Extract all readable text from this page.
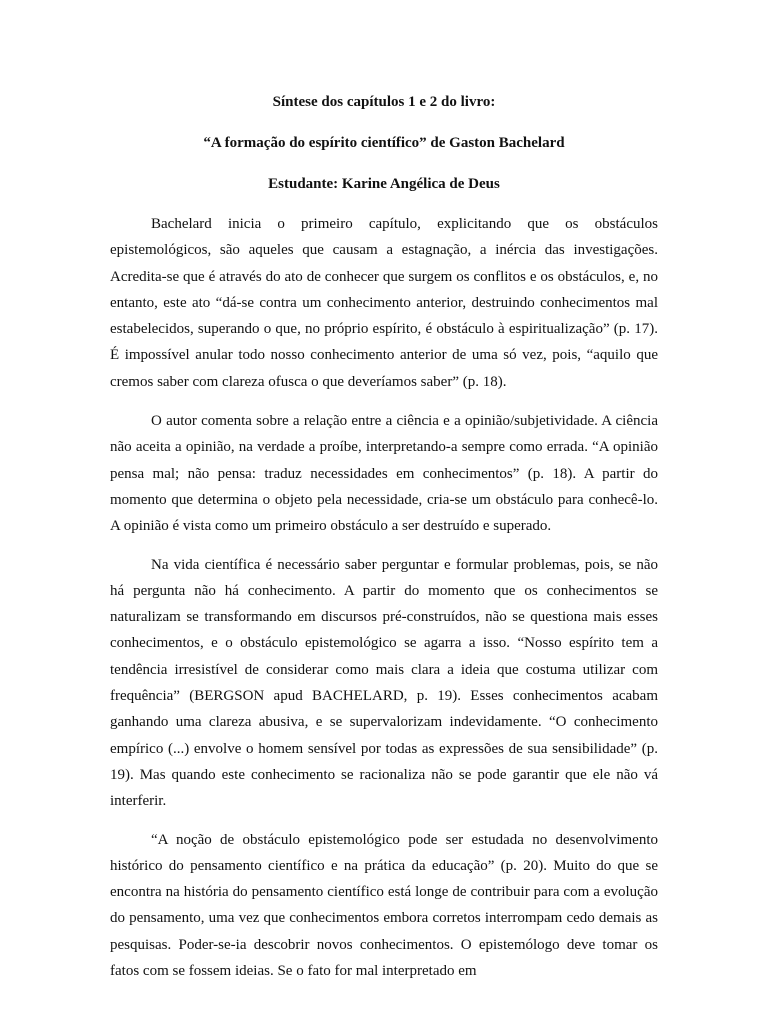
Síntese dos capítulos 1 e 2 do livro:

“A formação do espírito científico” de Gaston Bachelard

Estudante: Karine Angélica de Deus

Bachelard inicia o primeiro capítulo, explicitando que os obstáculos epistemológicos, são aqueles que causam a estagnação, a inércia das investigações. Acredita-se que é através do ato de conhecer que surgem os conflitos e os obstáculos, e, no entanto, este ato “dá-se contra um conhecimento anterior, destruindo conhecimentos mal estabelecidos, superando o que, no próprio espírito, é obstáculo à espiritualização” (p. 17). É impossível anular todo nosso conhecimento anterior de uma só vez, pois, “aquilo que cremos saber com clareza ofusca o que deveríamos saber” (p. 18).

O autor comenta sobre a relação entre a ciência e a opinião/subjetividade. A ciência não aceita a opinião, na verdade a proíbe, interpretando-a sempre como errada. “A opinião pensa mal; não pensa: traduz necessidades em conhecimentos” (p. 18). A partir do momento que determina o objeto pela necessidade, cria-se um obstáculo para conhecê-lo. A opinião é vista como um primeiro obstáculo a ser destruído e superado.

Na vida científica é necessário saber perguntar e formular problemas, pois, se não há pergunta não há conhecimento. A partir do momento que os conhecimentos se naturalizam se transformando em discursos pré-construídos, não se questiona mais esses conhecimentos, e o obstáculo epistemológico se agarra a isso. “Nosso espírito tem a tendência irresistível de considerar como mais clara a ideia que costuma utilizar com frequência” (BERGSON apud BACHELARD, p. 19). Esses conhecimentos acabam ganhando uma clareza abusiva, e se supervalorizam indevidamente. “O conhecimento empírico (...) envolve o homem sensível por todas as expressões de sua sensibilidade” (p. 19). Mas quando este conhecimento se racionaliza não se pode garantir que ele não vá interferir.

“A noção de obstáculo epistemológico pode ser estudada no desenvolvimento histórico do pensamento científico e na prática da educação” (p. 20). Muito do que se encontra na história do pensamento científico está longe de contribuir para com a evolução do pensamento, uma vez que conhecimentos embora corretos interrompam cedo demais as pesquisas. Poder-se-ia descobrir novos conhecimentos. O epistemólogo deve tomar os fatos com se fossem ideias. Se o fato for mal interpretado em
